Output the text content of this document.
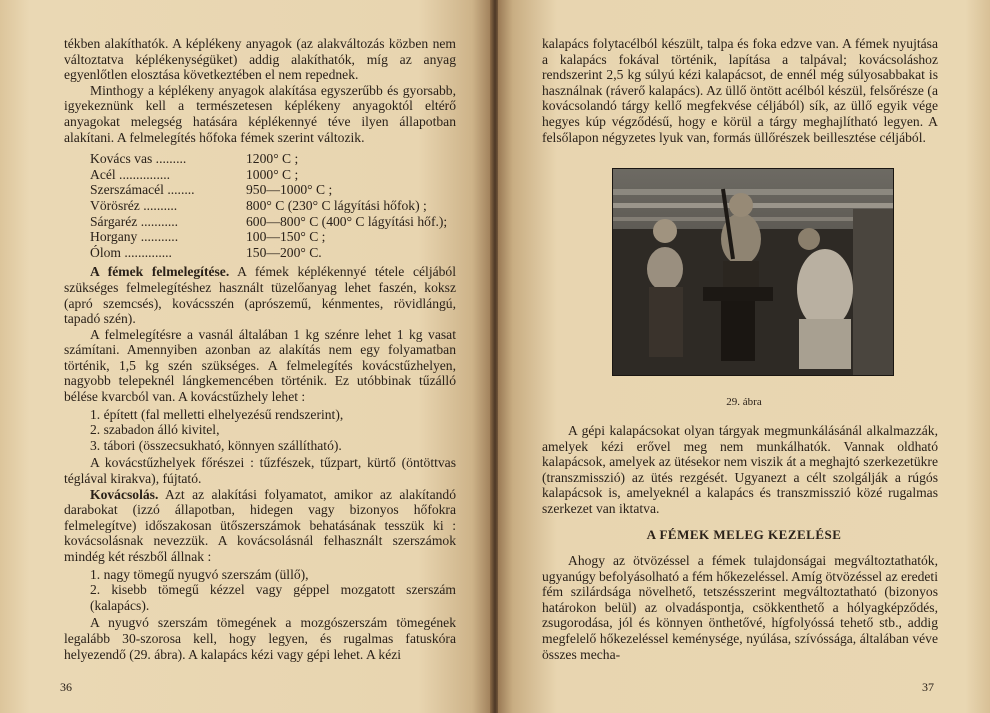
tékben alakíthatók. A képlékeny anyagok (az alakváltozás közben nem változtatva képlékenységüket) addig alakíthatók, míg az anyag egyenlőtlen elosztása következtében el nem repednek.

Minthogy a képlékeny anyagok alakítása egyszerűbb és gyorsabb, igyekeznünk kell a természetesen képlékeny anyagoktól eltérő anyagokat melegség hatására képlékennyé téve ilyen állapotban alakítani. A felmelegítés hőfoka fémek szerint változik.

Kovács vas .........	1200° C ;
Acél ...............	1000° C ;
Szerszámacél ........	950—1000° C ;
Vörösréz ..........	800° C (230° C lágyítási hőfok) ;
Sárgaréz ...........	600—800° C (400° C lágyítási hőf.);
Horgany ...........	100—150° C ;
Ólom ..............	150—200° C.

A fémek felmelegítése. A fémek képlékennyé tétele céljából szükséges felmelegítéshez használt tüzelőanyag lehet faszén, koksz (apró szemcsés), kovácsszén (aprószemű, kénmentes, rövidlángú, tapadó szén).

A felmelegítésre a vasnál általában 1 kg szénre lehet 1 kg vasat számítani. Amennyiben azonban az alakítás nem egy folyamatban történik, 1,5 kg szén szükséges. A felmelegítés kovácstűzhelyen, nagyobb telepeknél lángkemencében történik. Ez utóbbinak tűzálló bélése kvarcból van. A kovácstűzhely lehet :

1. épített (fal melletti elhelyezésű rendszerint),
2. szabadon álló kivitel,
3. tábori (összecsukható, könnyen szállítható).

A kovácstűzhelyek főrészei : tűzfészek, tűzpart, kürtő (öntöttvas téglával kirakva), fújtató.

Kovácsolás. Azt az alakítási folyamatot, amikor az alakítandó darabokat (izzó állapotban, hidegen vagy bizonyos hőfokra felmelegítve) időszakosan ütőszerszámok behatásának tesszük ki : kovácsolásnak nevezzük. A kovácsolásnál felhasznált szerszámok mindég két részből állnak :

1. nagy tömegű nyugvó szerszám (üllő),
2. kisebb tömegű kézzel vagy géppel mozgatott szerszám (kalapács).

A nyugvó szerszám tömegének a mozgószerszám tömegének legalább 30-szorosa kell, hogy legyen, és rugalmas fatuskóra helyezendő (29. ábra). A kalapács kézi vagy gépi lehet. A kézi

36

kalapács folytacélból készült, talpa és foka edzve van. A fémek nyujtása a kalapács fokával történik, lapítása a talpával; kovácsoláshoz rendszerint 2,5 kg súlyú kézi kalapácsot, de ennél még súlyosabbakat is használnak (ráverő kalapács). Az üllő öntött acélból készül, felsőrésze (a kovácsolandó tárgy kellő megfekvése céljából) sík, az üllő egyik vége hegyes kúp végződésű, hogy e körül a tárgy meghajlítható legyen. A felsőlapon négyzetes lyuk van, formás üllőrészek beillesztése céljából.

29. ábra

A gépi kalapácsokat olyan tárgyak megmunkálásánál alkalmazzák, amelyek kézi erővel meg nem munkálhatók. Vannak oldható kalapácsok, amelyek az ütésekor nem viszik át a meghajtó szerkezetükre (transzmisszió) az ütés rezgését. Ugyanezt a célt szolgálják a rúgós kalapácsok is, amelyeknél a kalapács és transzmisszió közé rugalmas szerkezet van iktatva.

A FÉMEK MELEG KEZELÉSE

Ahogy az ötvözéssel a fémek tulajdonságai megváltoztathatók, ugyanúgy befolyásolható a fém hőkezeléssel. Amíg ötvözéssel az eredeti fém szilárdsága növelhető, tetszésszerint megváltoztatható (bizonyos határokon belül) az olvadáspontja, csökkenthető a hólyagképződés, zsugorodása, jól és könnyen önthetővé, hígfolyóssá tehető stb., addig megfelelő hőkezeléssel keménysége, nyúlása, szívóssága, általában véve összes mecha-

37
